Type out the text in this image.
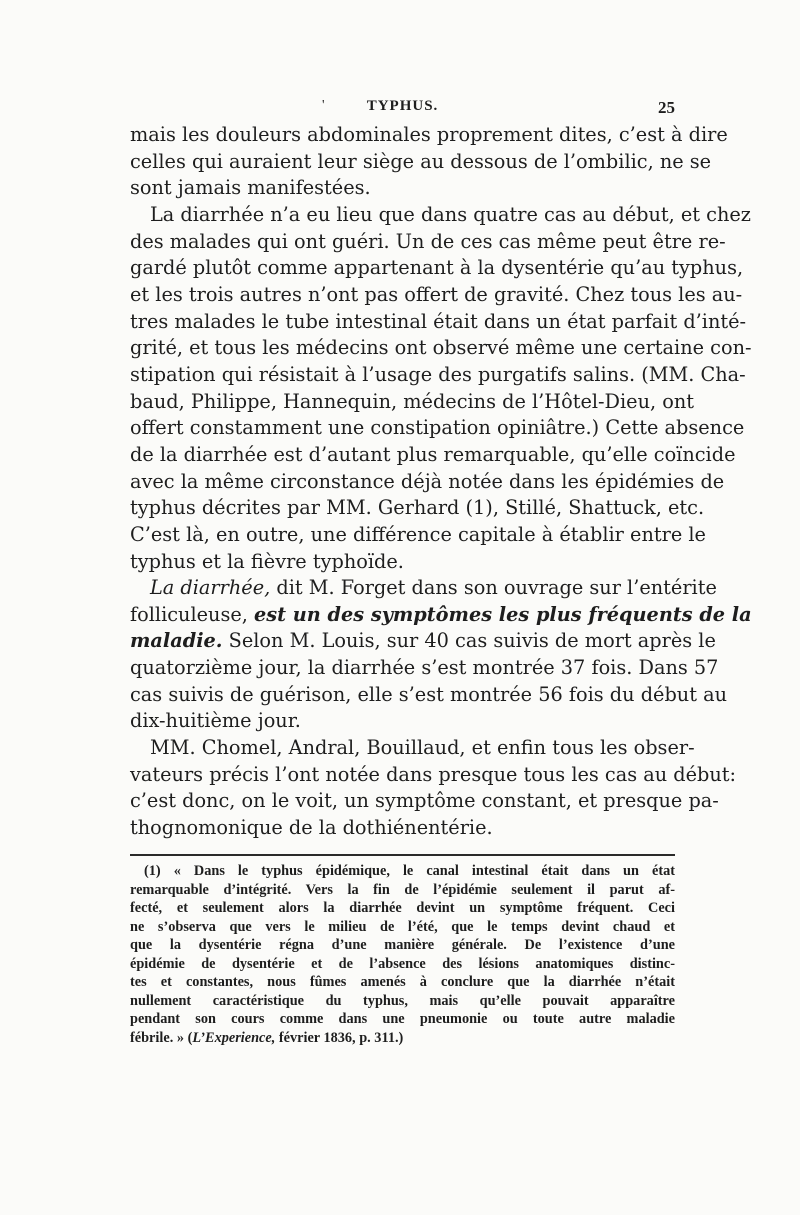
'	TYPHUS.	25
mais les douleurs abdominales proprement dites, c’est à dire
celles qui auraient leur siège au dessous de l’ombilic, ne se
sont jamais manifestées.
La diarrhée n’a eu lieu que dans quatre cas au début, et chez
des malades qui ont guéri. Un de ces cas même peut être re-
gardé plutôt comme appartenant à la dysentérie qu’au typhus,
et les trois autres n’ont pas offert de gravité. Chez tous les au-
tres malades le tube intestinal était dans un état parfait d’inté-
grité, et tous les médecins ont observé même une certaine con-
stipation qui résistait à l’usage des purgatifs salins. (MM. Cha-
baud, Philippe, Hannequin, médecins de l’Hôtel-Dieu, ont
offert constamment une constipation opiniâtre.) Cette absence
de la diarrhée est d’autant plus remarquable, qu’elle coïncide
avec la même circonstance déjà notée dans les épidémies de
typhus décrites par MM. Gerhard (1), Stillé, Shattuck, etc.
C’est là, en outre, une différence capitale à établir entre le
typhus et la fièvre typhoïde.
La diarrhée, dit M. Forget dans son ouvrage sur l’entérite
folliculeuse, est un des symptômes les plus fréquents de la
maladie. Selon M. Louis, sur 40 cas suivis de mort après le
quatorzième jour, la diarrhée s’est montrée 37 fois. Dans 57
cas suivis de guérison, elle s’est montrée 56 fois du début au
dix-huitième jour.
MM. Chomel, Andral, Bouillaud, et enfin tous les obser-
vateurs précis l’ont notée dans presque tous les cas au début:
c’est donc, on le voit, un symptôme constant, et presque pa-
thognomonique de la dothiénentérie.
(1) « Dans le typhus épidémique, le canal intestinal était dans un état
remarquable d’intégrité. Vers la fin de l’épidémie seulement il parut af-
fecté, et seulement alors la diarrhée devint un symptôme fréquent. Ceci
ne s’observa que vers le milieu de l’été, que le temps devint chaud et
que la dysentérie régna d’une manière générale. De l’existence d’une
épidémie de dysentérie et de l’absence des lésions anatomiques distinc-
tes et constantes, nous fûmes amenés à conclure que la diarrhée n’était
nullement caractéristique du typhus, mais qu’elle pouvait apparaître
pendant son cours comme dans une pneumonie ou toute autre maladie
fébrile. » (L’Experience, février 1836, p. 311.)
